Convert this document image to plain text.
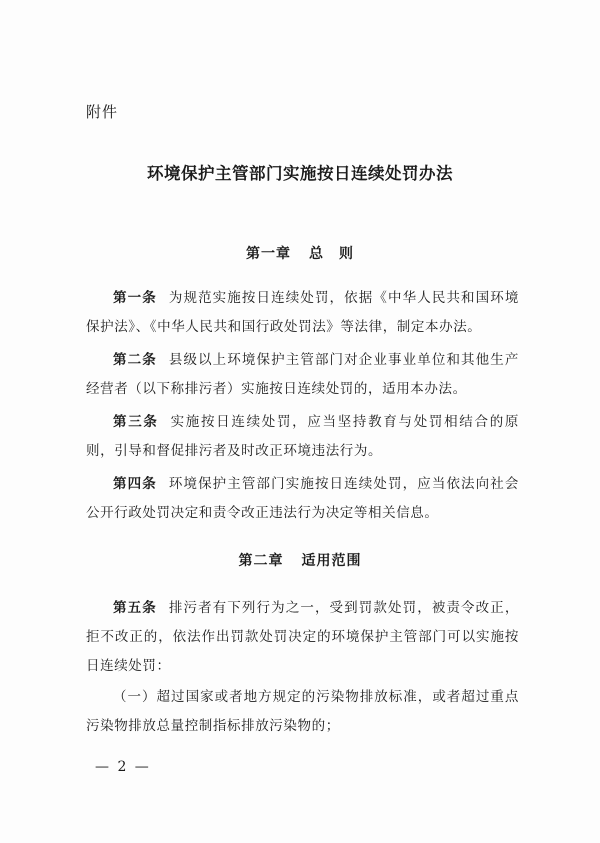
附件
环境保护主管部门实施按日连续处罚办法
第一章 总　则
第一条 为规范实施按日连续处罚，依据《中华人民共和国环境保护法》、《中华人民共和国行政处罚法》等法律，制定本办法。
第二条 县级以上环境保护主管部门对企业事业单位和其他生产经营者（以下称排污者）实施按日连续处罚的，适用本办法。
第三条 实施按日连续处罚，应当坚持教育与处罚相结合的原则，引导和督促排污者及时改正环境违法行为。
第四条 环境保护主管部门实施按日连续处罚，应当依法向社会公开行政处罚决定和责令改正违法行为决定等相关信息。
第二章 适用范围
第五条 排污者有下列行为之一，受到罚款处罚，被责令改正，拒不改正的，依法作出罚款处罚决定的环境保护主管部门可以实施按日连续处罚：
（一）超过国家或者地方规定的污染物排放标准，或者超过重点污染物排放总量控制指标排放污染物的；
— 2 —
